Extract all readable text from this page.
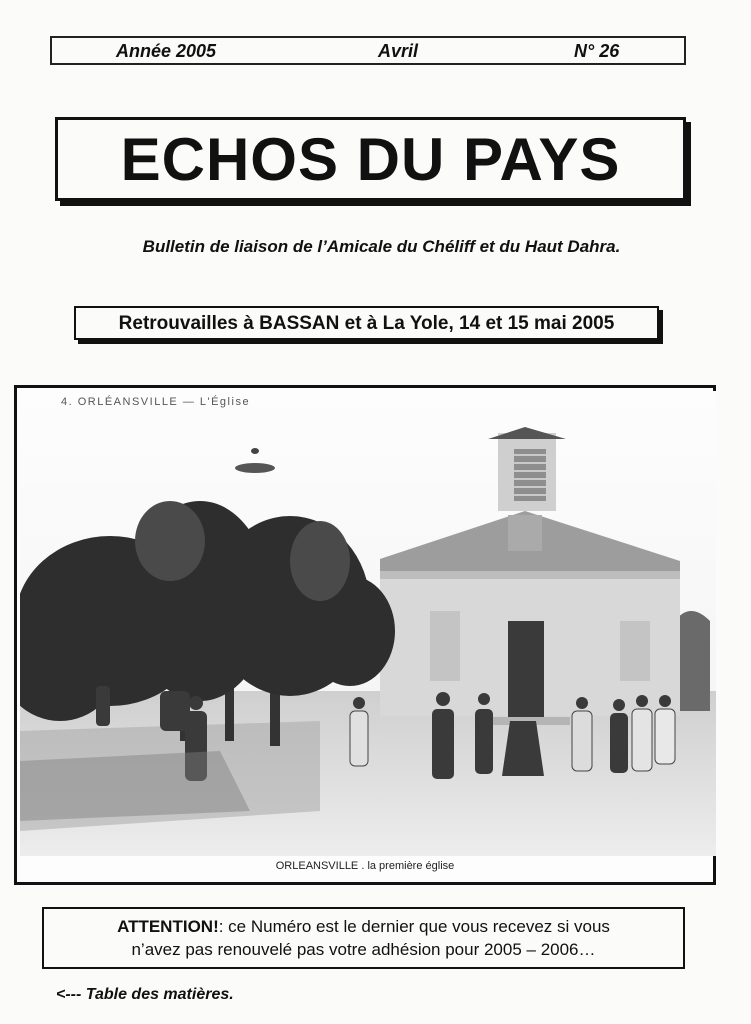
Année 2005	Avril	N° 26
ECHOS DU PAYS
Bulletin de liaison de l’Amicale du Chéliff et du Haut Dahra.
Retrouvailles à BASSAN et à La Yole, 14 et 15 mai 2005
4. ORLÉANSVILLE — L'Église
ORLEANSVILLE . la première église
ATTENTION!: ce Numéro est le dernier que vous recevez si vous
n’avez pas renouvelé pas votre adhésion pour 2005 – 2006…
<--- Table des matières.
